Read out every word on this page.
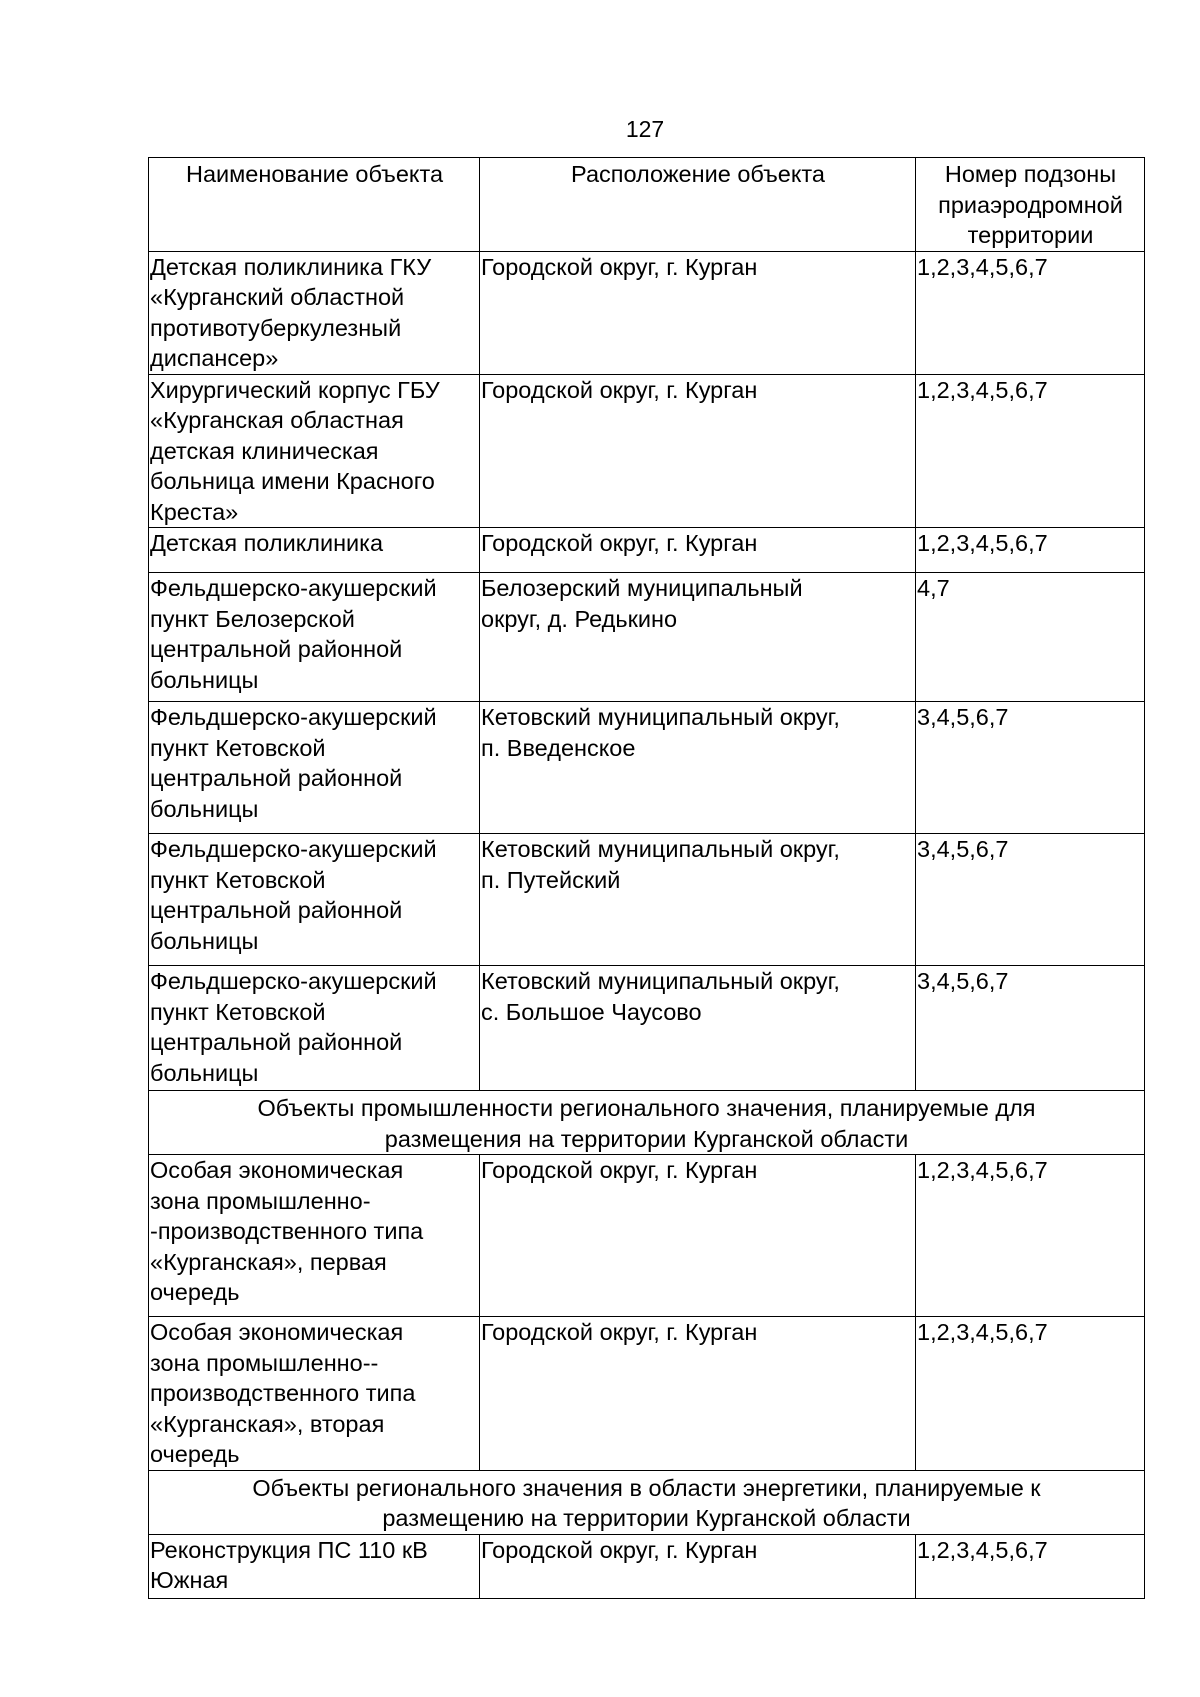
127
Наименование объекта	Расположение объекта	Номер подзоны
приаэродромной
территории

Детская поликлиника ГКУ
«Курганский областной
противотуберкулезный
диспансер»	Городской округ, г. Курган	1,2,3,4,5,6,7

Хирургический корпус ГБУ
«Курганская областная
детская клиническая
больница имени Красного
Креста»	Городской округ, г. Курган	1,2,3,4,5,6,7

Детская поликлиника	Городской округ, г. Курган	1,2,3,4,5,6,7

Фельдшерско-акушерский
пункт Белозерской
центральной районной
больницы	Белозерский муниципальный
округ, д. Редькино	4,7

Фельдшерско-акушерский
пункт Кетовской
центральной районной
больницы	Кетовский муниципальный округ,
п. Введенское	3,4,5,6,7

Фельдшерско-акушерский
пункт Кетовской
центральной районной
больницы	Кетовский муниципальный округ,
п. Путейский	3,4,5,6,7

Фельдшерско-акушерский
пункт Кетовской
центральной районной
больницы	Кетовский муниципальный округ,
с. Большое Чаусово	3,4,5,6,7

Объекты промышленности регионального значения, планируемые для
размещения на территории Курганской области		

Особая экономическая
зона промышленно-
-производственного типа
«Курганская», первая
очередь	Городской округ, г. Курган	1,2,3,4,5,6,7

Особая экономическая
зона промышленно--
производственного типа
«Курганская», вторая
очередь	Городской округ, г. Курган	1,2,3,4,5,6,7

Объекты регионального значения в области энергетики, планируемые к
размещению на территории Курганской области		

Реконструкция ПС 110 кВ
Южная	Городской округ, г. Курган	1,2,3,4,5,6,7
